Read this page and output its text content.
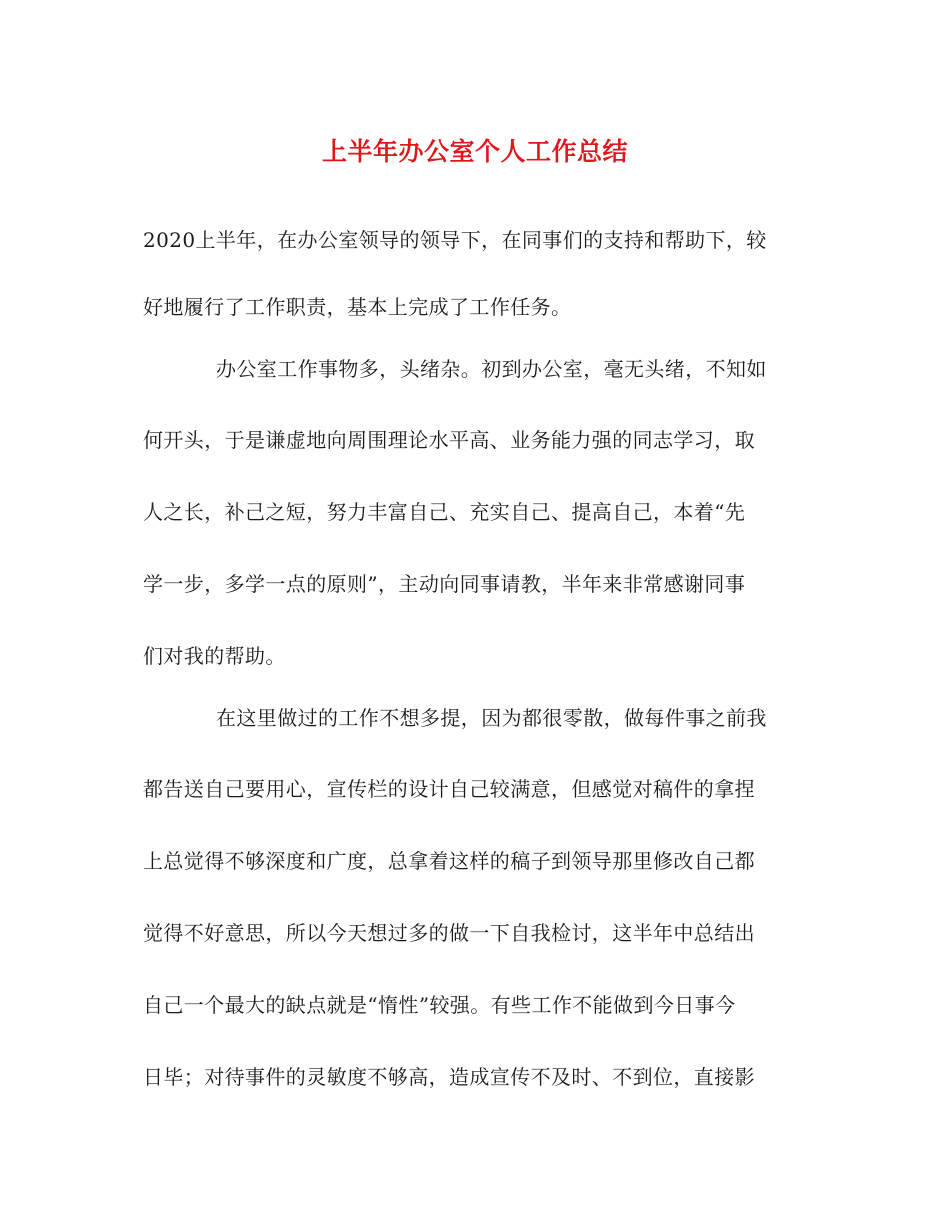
上半年办公室个人工作总结
2020上半年，在办公室领导的领导下，在同事们的支持和帮助下，较
好地履行了工作职责，基本上完成了工作任务。
办公室工作事物多，头绪杂。初到办公室，毫无头绪，不知如
何开头，于是谦虚地向周围理论水平高、业务能力强的同志学习，取
人之长，补己之短，努力丰富自己、充实自己、提高自己，本着“先
学一步，多学一点的原则”，主动向同事请教，半年来非常感谢同事
们对我的帮助。
在这里做过的工作不想多提，因为都很零散，做每件事之前我
都告送自己要用心，宣传栏的设计自己较满意，但感觉对稿件的拿捏
上总觉得不够深度和广度，总拿着这样的稿子到领导那里修改自己都
觉得不好意思，所以今天想过多的做一下自我检讨，这半年中总结出
自己一个最大的缺点就是“惰性”较强。有些工作不能做到今日事今
日毕；对待事件的灵敏度不够高，造成宣传不及时、不到位，直接影
